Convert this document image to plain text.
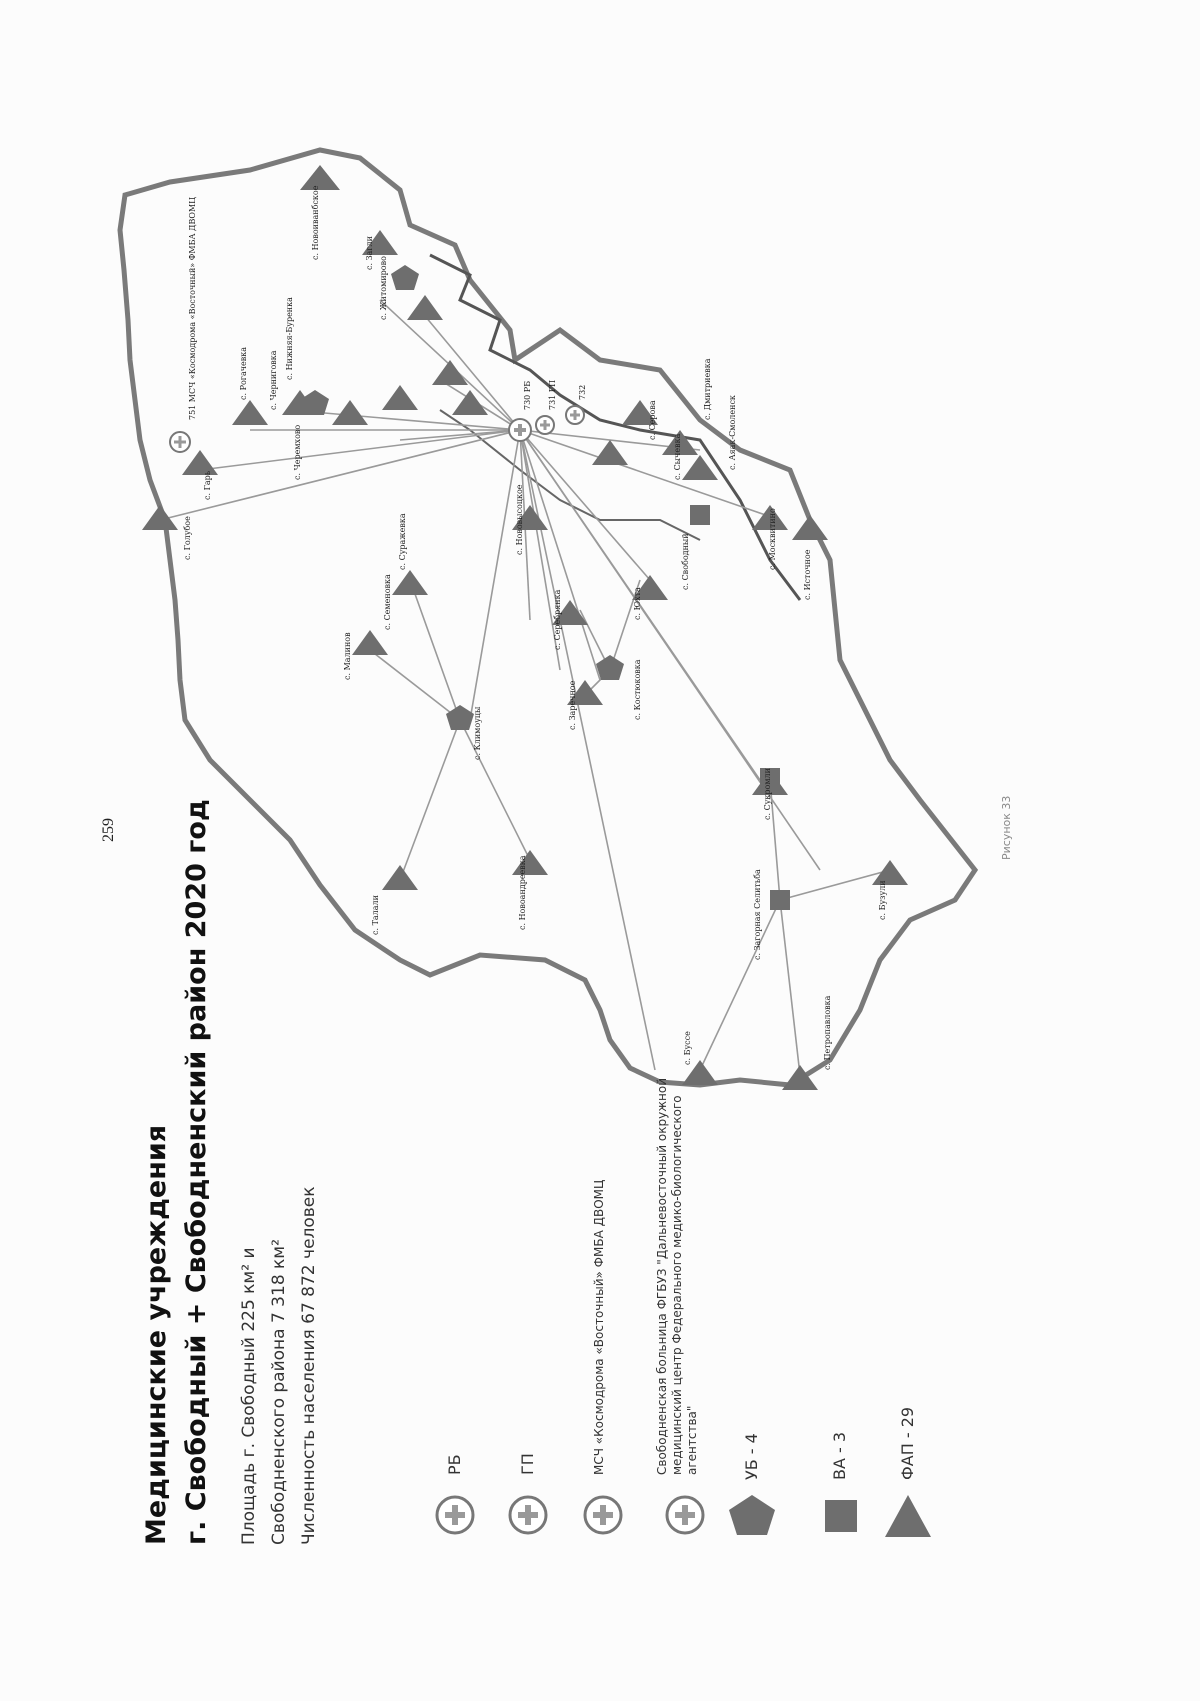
259
730 РБ 731 ГП	732
751 МСЧ «Космодрома «Восточный» ФМБА ДВОМЦ	с. Новоиванбское	с. Загли
с. Житомирово
с. Черниговка
с. Рогачевка	с. Нижняя-Буренка
с. Черемхово
с. Голубое
с. Гарь
с. Суражевка
с. Семеновка
с. Малинов
с. Нововысоцкое
с. Костюковка
с. Серебрянка
с. Заречное
с. Юхта
с. Свободный	с. Москвитино
с. Источное
с. Климоуцы
с. Новоандреевка
с. Талали	с. Загорная Селитьба
с. Буссе	с. Петропавловка
с. Сукромли
с. Бузули
с. Аяак-Смоленск
с. Дмитриевка
с. Сычевка
с. Серова
Медицинские учреждения г. Свободный + Свободненский район 2020 год Площадь г. Свободный 225 км² и Свободненского района 7 318 км² Численность населения 67 872 человек	РБ	ГП	МСЧ «Космодрома «Восточный» ФМБА ДВОМЦ	Свободненская больница ФГБУЗ "Дальневосточный окружной медицинский центр Федерального медико-биологического агентства"	УБ - 4	ВА - 3	ФАП - 29
Рисунок 33
